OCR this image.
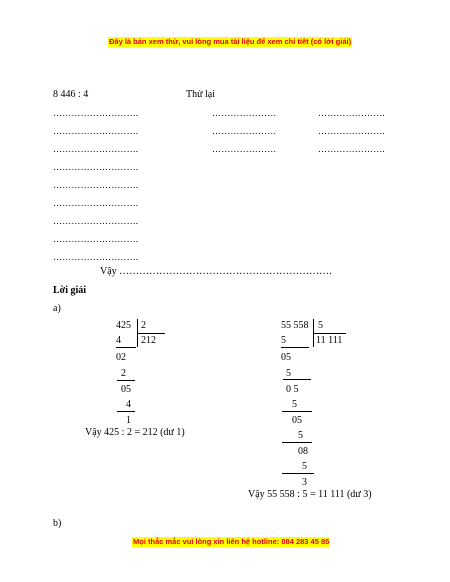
Đây là bản xem thử, vui lòng mua tài liệu để xem chi tiết (có lời giải)
Mọi thắc mắc vui lòng xin liên hệ hotline: 084 283 45 85
8 446 : 4	Thử lại
……………………….
……………………….
……………………….
……………………….
……………………….
……………………….
……………………….
……………………….
……………………….
…………………
…………………
…………………
………………….
………………….
………………….
Vậy ……………………………………………………….
Lời giải
a)
425 2
212
4
02
2
05
4
1
Vậy 425 : 2 = 212 (dư 1)
55 558 5
11 111
5
05
5
0 5
5
05
5
08
5
3
Vậy 55 558 : 5 = 11 111 (dư 3)
b)
